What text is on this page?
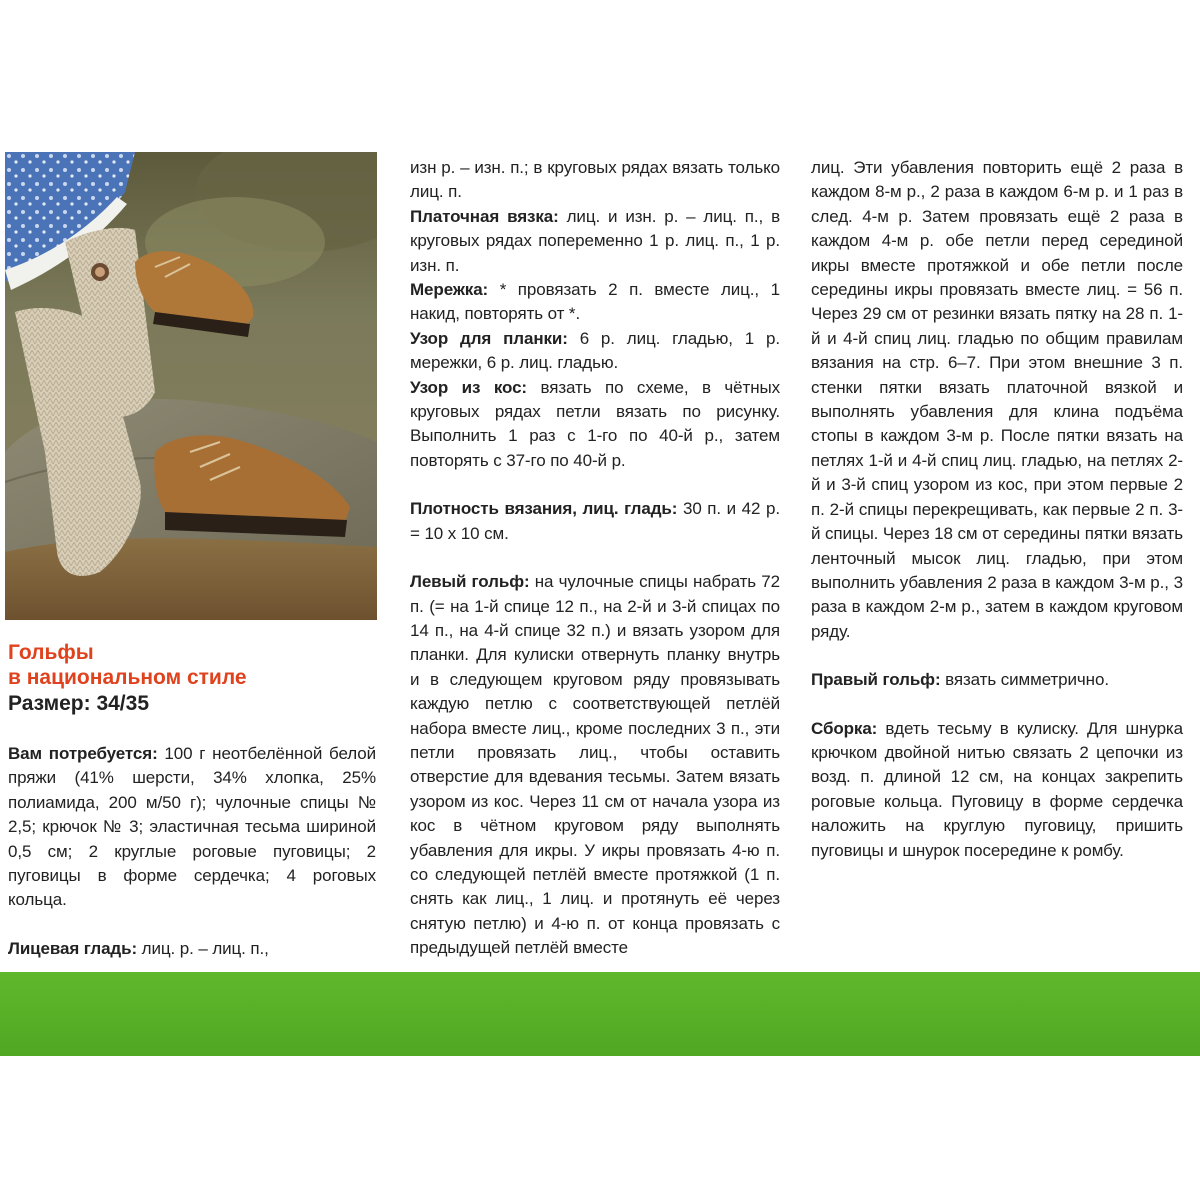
Гольфы

в национальном стиле

Размер: 34/35

Вам потребуется: 100 г неотбелённой белой пряжи (41% шерсти, 34% хлопка, 25% полиамида, 200 м/50 г); чулочные спицы № 2,5; крючок № 3; эластичная тесьма шириной 0,5 см; 2 круглые роговые пуговицы; 2 пуговицы в форме сердечка; 4 роговых кольца.

Лицевая гладь: лиц. р. – лиц. п.,

изн р. – изн. п.; в круговых рядах вязать только лиц. п.

Платочная вязка: лиц. и изн. р. – лиц. п., в круговых рядах попеременно 1 р. лиц. п., 1 р. изн. п.

Мережка: * провязать 2 п. вместе лиц., 1 накид, повторять от *.

Узор для планки: 6 р. лиц. гладью, 1 р. мережки, 6 р. лиц. гладью.

Узор из кос: вязать по схеме, в чётных круговых рядах петли вязать по рисунку. Выполнить 1 раз с 1-го по 40-й р., затем повторять с 37-го по 40-й р.

Плотность вязания, лиц. гладь: 30 п. и 42 р. = 10 х 10 см.

Левый гольф: на чулочные спицы набрать 72 п. (= на 1-й спице 12 п., на 2-й и 3-й спицах по 14 п., на 4-й спице 32 п.) и вязать узором для планки. Для кулиски отвернуть планку внутрь и в следующем круговом ряду провязывать каждую петлю с соответствующей петлёй набора вместе лиц., кроме последних 3 п., эти петли провязать лиц., чтобы оставить отверстие для вдевания тесьмы. Затем вязать узором из кос. Через 11 см от начала узора из кос в чётном круговом ряду выполнять убавления для икры. У икры провязать 4-ю п. со следующей петлёй вместе протяжкой (1 п. снять как лиц., 1 лиц. и протянуть её через снятую петлю) и 4-ю п. от конца провязать с предыдущей петлёй вместе

лиц. Эти убавления повторить ещё 2 раза в каждом 8-м р., 2 раза в каждом 6-м р. и 1 раз в след. 4-м р. Затем провязать ещё 2 раза в каждом 4-м р. обе петли перед серединой икры вместе протяжкой и обе петли после середины икры провязать вместе лиц. = 56 п. Через 29 см от резинки вязать пятку на 28 п. 1-й и 4-й спиц лиц. гладью по общим правилам вязания на стр. 6–7. При этом внешние 3 п. стенки пятки вязать платочной вязкой и выполнять убавления для клина подъёма стопы в каждом 3-м р. После пятки вязать на петлях 1-й и 4-й спиц лиц. гладью, на петлях 2-й и 3-й спиц узором из кос, при этом первые 2 п. 2-й спицы перекрещивать, как первые 2 п. 3-й спицы. Через 18 см от середины пятки вязать ленточный мысок лиц. гладью, при этом выполнить убавления 2 раза в каждом 3-м р., 3 раза в каждом 2-м р., затем в каждом круговом ряду.

Правый гольф: вязать симметрично.

Сборка: вдеть тесьму в кулиску. Для шнурка крючком двойной нитью связать 2 цепочки из возд. п. длиной 12 см, на концах закрепить роговые кольца. Пуговицу в форме сердечка наложить на круглую пуговицу, пришить пуговицы и шнурок посередине к ромбу.
